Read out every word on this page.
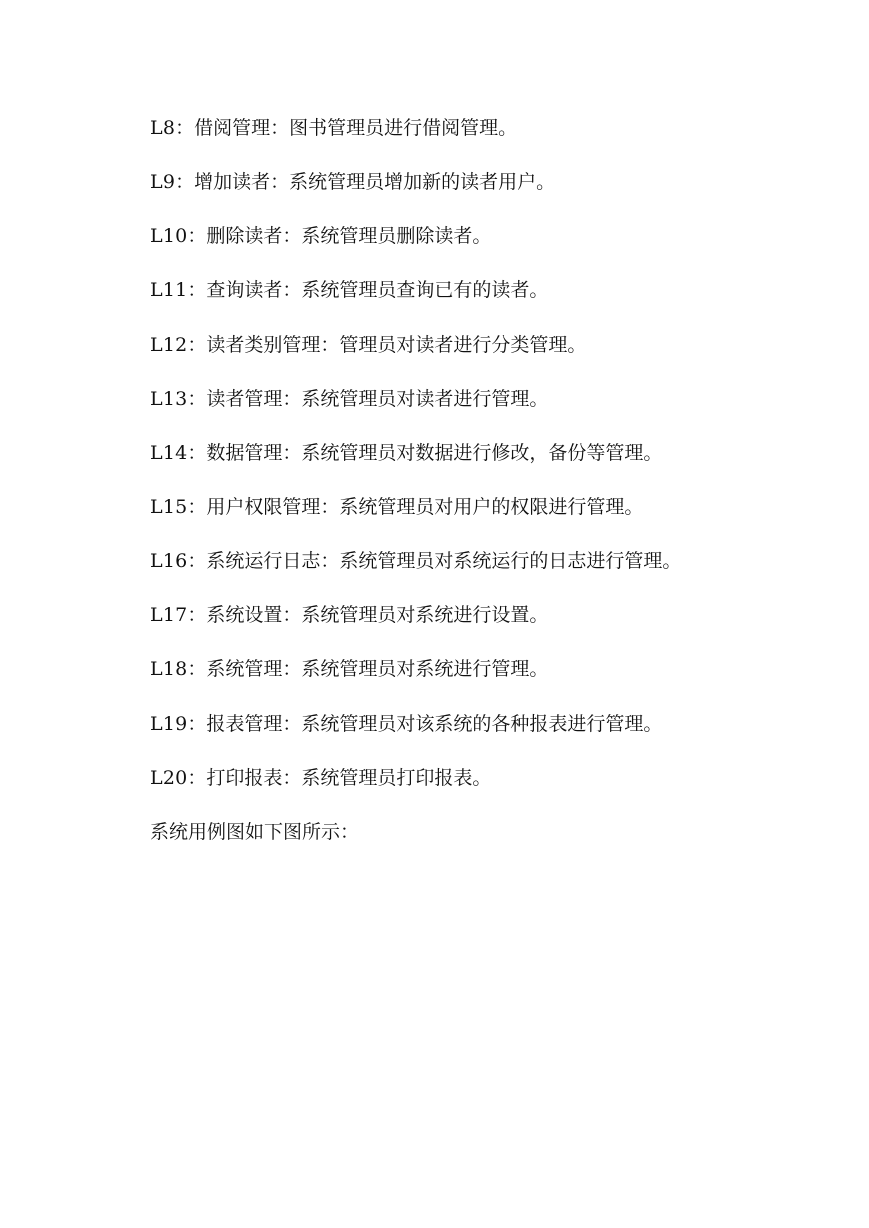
L8：借阅管理：图书管理员进行借阅管理。

L9：增加读者：系统管理员增加新的读者用户。

L10：删除读者：系统管理员删除读者。

L11：查询读者：系统管理员查询已有的读者。

L12：读者类别管理：管理员对读者进行分类管理。

L13：读者管理：系统管理员对读者进行管理。

L14：数据管理：系统管理员对数据进行修改，备份等管理。

L15：用户权限管理：系统管理员对用户的权限进行管理。

L16：系统运行日志：系统管理员对系统运行的日志进行管理。

L17：系统设置：系统管理员对系统进行设置。

L18：系统管理：系统管理员对系统进行管理。

L19：报表管理：系统管理员对该系统的各种报表进行管理。

L20：打印报表：系统管理员打印报表。

系统用例图如下图所示：
